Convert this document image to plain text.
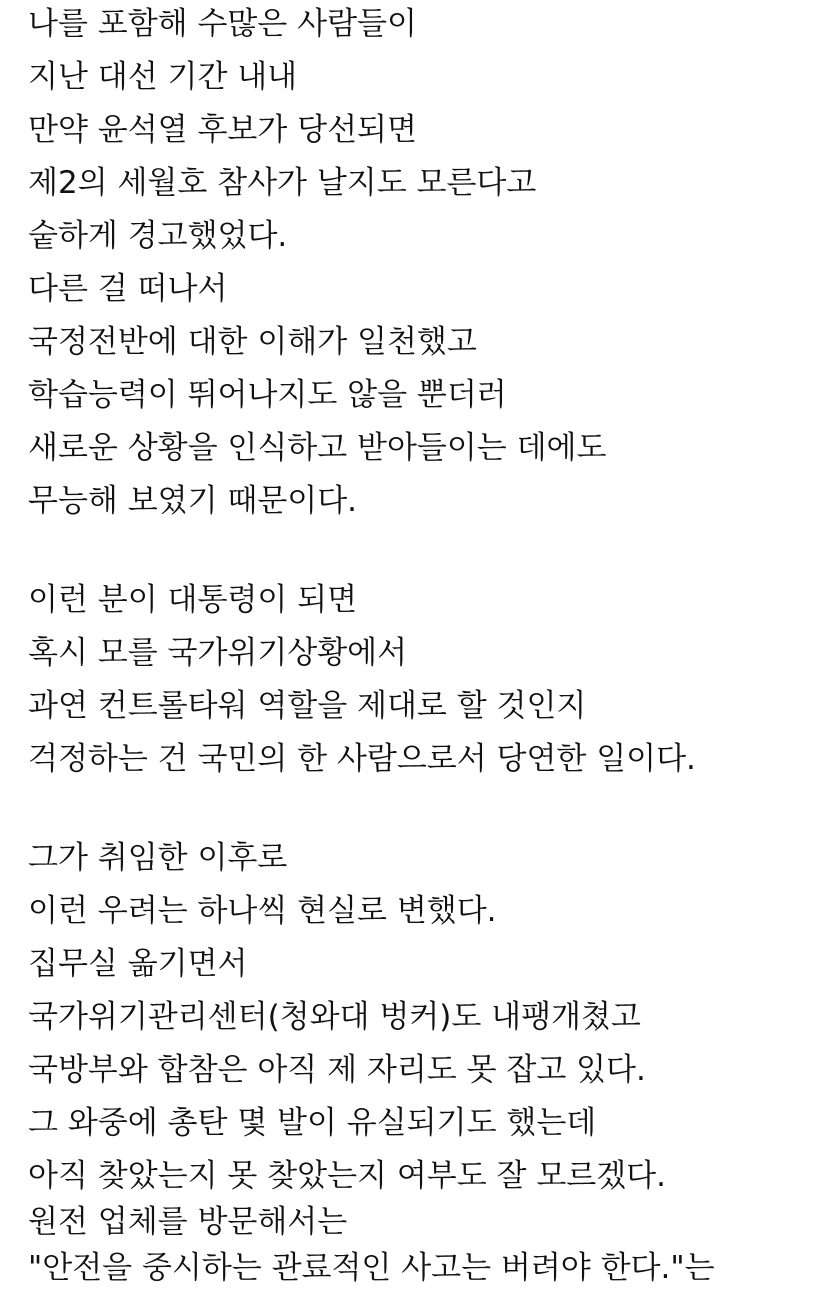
나를 포함해 수많은 사람들이
지난 대선 기간 내내
만약 윤석열 후보가 당선되면
제2의 세월호 참사가 날지도 모른다고
숱하게 경고했었다.
다른 걸 떠나서
국정전반에 대한 이해가 일천했고
학습능력이 뛰어나지도 않을 뿐더러
새로운 상황을 인식하고 받아들이는 데에도
무능해 보였기 때문이다.
이런 분이 대통령이 되면
혹시 모를 국가위기상황에서
과연 컨트롤타워 역할을 제대로 할 것인지
걱정하는 건 국민의 한 사람으로서 당연한 일이다.
그가 취임한 이후로
이런 우려는 하나씩 현실로 변했다.
집무실 옮기면서
국가위기관리센터(청와대 벙커)도 내팽개쳤고
국방부와 합참은 아직 제 자리도 못 잡고 있다.
그 와중에 총탄 몇 발이 유실되기도 했는데
아직 찾았는지 못 찾았는지 여부도 잘 모르겠다.
원전 업체를 방문해서는
"안전을 중시하는 관료적인 사고는 버려야 한다."는
